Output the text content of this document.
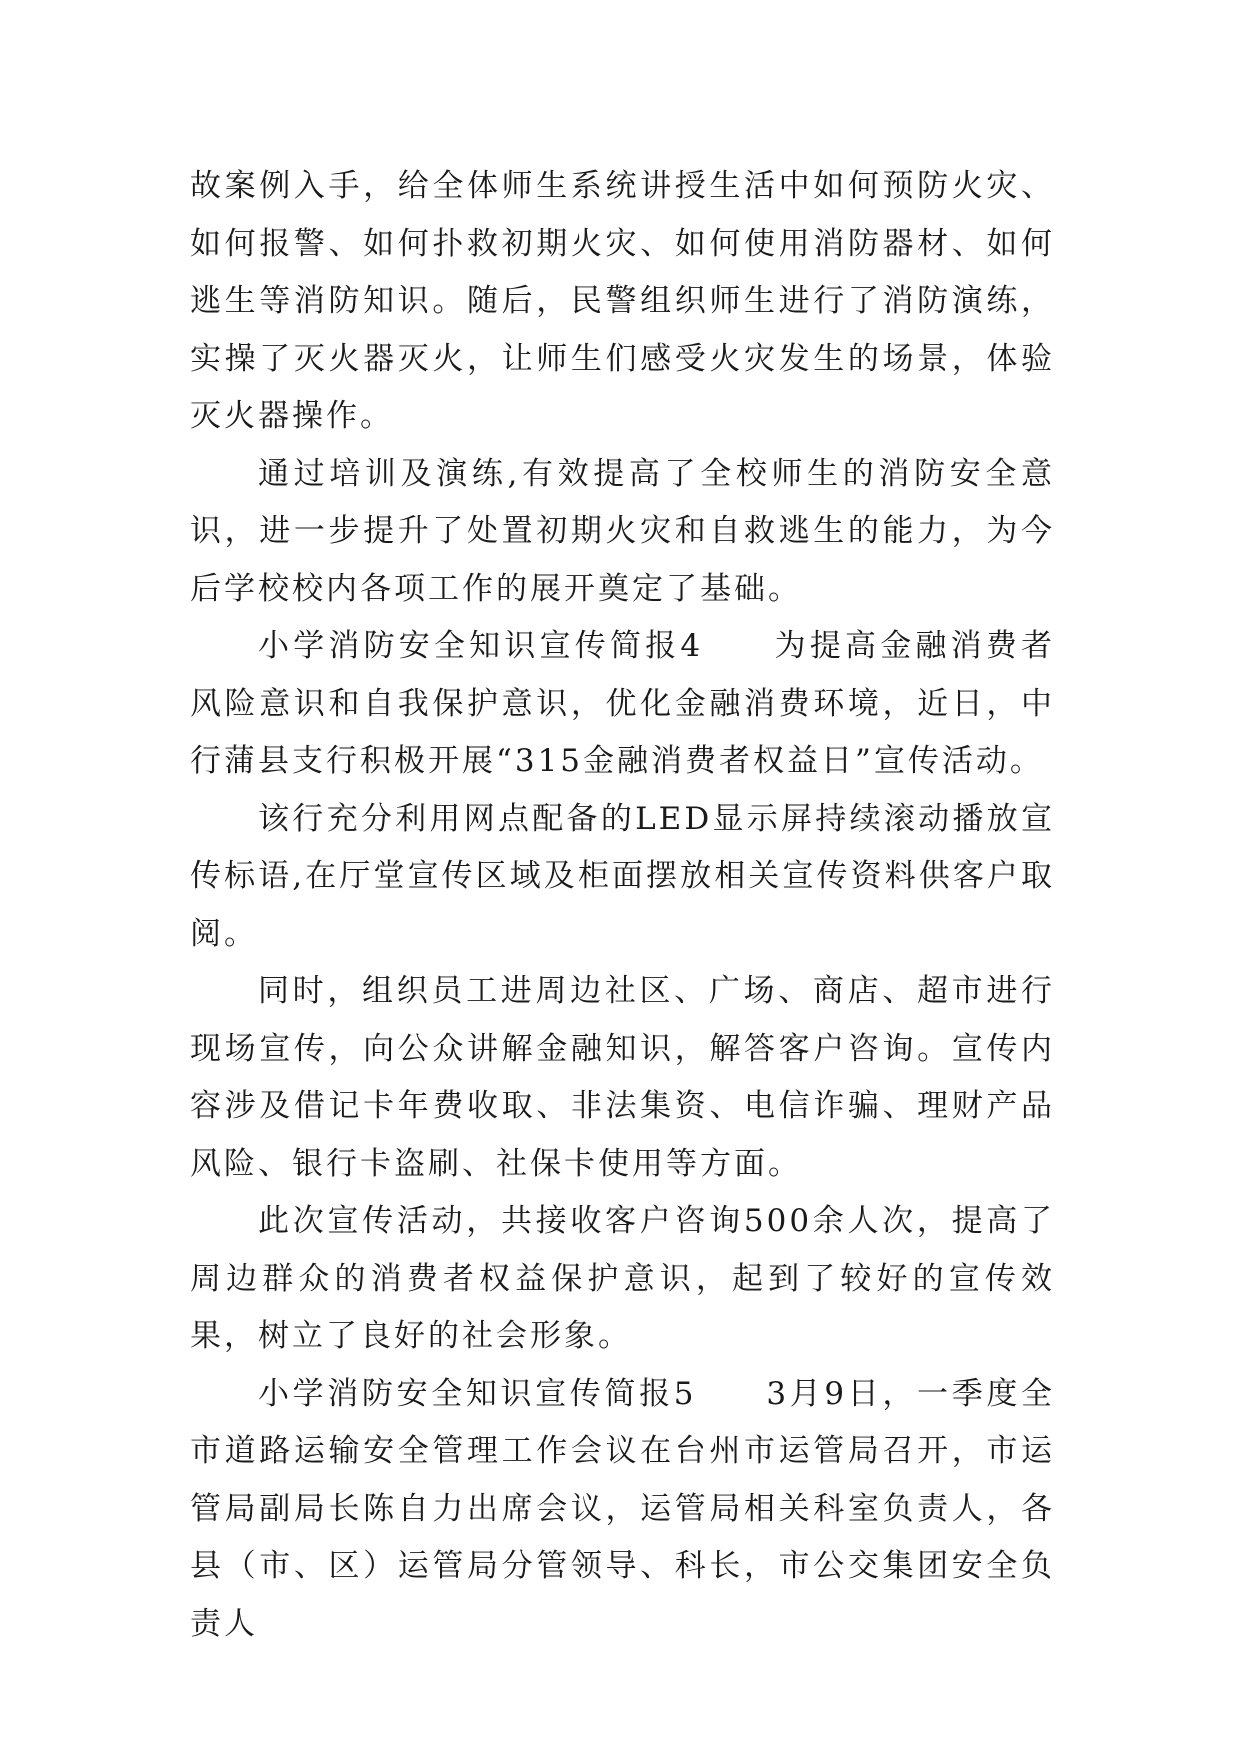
故案例入手，给全体师生系统讲授生活中如何预防火灾、如何报警、如何扑救初期火灾、如何使用消防器材、如何逃生等消防知识。随后，民警组织师生进行了消防演练，实操了灭火器灭火，让师生们感受火灾发生的场景，体验灭火器操作。

通过培训及演练,有效提高了全校师生的消防安全意识，进一步提升了处置初期火灾和自救逃生的能力，为今后学校校内各项工作的展开奠定了基础。

小学消防安全知识宣传简报4　　为提高金融消费者风险意识和自我保护意识，优化金融消费环境，近日，中行蒲县支行积极开展“315金融消费者权益日”宣传活动。

该行充分利用网点配备的LED显示屏持续滚动播放宣传标语,在厅堂宣传区域及柜面摆放相关宣传资料供客户取阅。

同时，组织员工进周边社区、广场、商店、超市进行现场宣传，向公众讲解金融知识，解答客户咨询。宣传内容涉及借记卡年费收取、非法集资、电信诈骗、理财产品风险、银行卡盗刷、社保卡使用等方面。

此次宣传活动，共接收客户咨询500余人次，提高了周边群众的消费者权益保护意识，起到了较好的宣传效果，树立了良好的社会形象。

小学消防安全知识宣传简报5　　3月9日，一季度全市道路运输安全管理工作会议在台州市运管局召开，市运管局副局长陈自力出席会议，运管局相关科室负责人，各县（市、区）运管局分管领导、科长，市公交集团安全负责人
